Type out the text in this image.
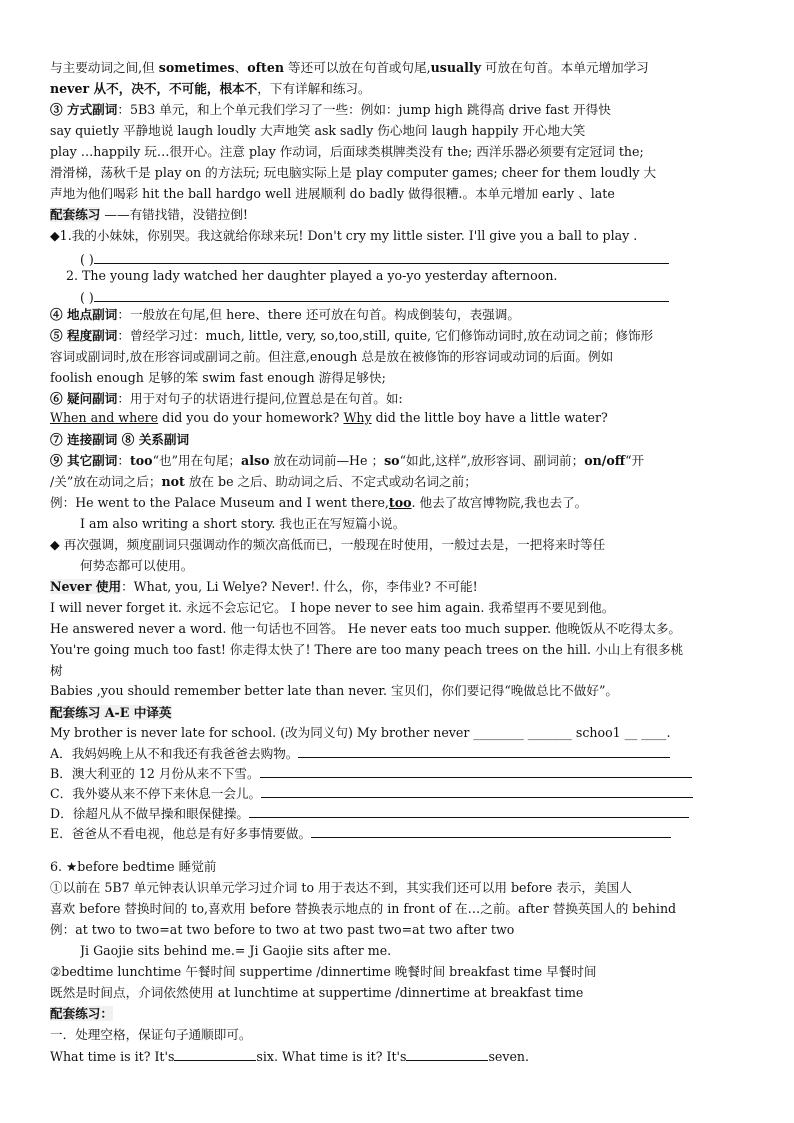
与主要动词之间,但 sometimes、often 等还可以放在句首或句尾,usually 可放在句首。本单元增加学习
never 从不，决不，不可能，根本不，下有详解和练习。
③ 方式副词：5B3 单元，和上个单元我们学习了一些：例如：jump high 跳得高 drive fast 开得快
say quietly 平静地说 laugh loudly 大声地笑 ask sadly 伤心地问 laugh happily 开心地大笑
play …happily 玩…很开心。注意 play 作动词，后面球类棋牌类没有 the; 西洋乐器必须要有定冠词 the;
滑滑梯，荡秋千是 play on 的方法玩; 玩电脑实际上是 play computer games; cheer for them loudly 大
声地为他们喝彩 hit the ball hardgo well 进展顺利 do badly 做得很糟.。本单元增加 early 、late
配套练习 ——有错找错，没错拉倒!
◆1.我的小妹妹，你别哭。我这就给你球来玩! Don't cry my little sister. I'll give you a ball to play .
( )
2. The young lady watched her daughter played a yo-yo yesterday afternoon.
( )
④ 地点副词：一般放在句尾,但 here、there 还可放在句首。构成倒装句，表强调。
⑤ 程度副词：曾经学习过：much, little, very, so,too,still, quite, 它们修饰动词时,放在动词之前；修饰形
容词或副词时,放在形容词或副词之前。但注意,enough 总是放在被修饰的形容词或动词的后面。例如
foolish enough 足够的笨 swim fast enough 游得足够快;
⑥ 疑问副词：用于对句子的状语进行提问,位置总是在句首。如:
When and where did you do your homework? Why did the little boy have a little water?
⑦ 连接副词 ⑧ 关系副词
⑨ 其它副词：too“也”用在句尾；also 放在动词前—He ；so“如此,这样”,放形容词、副词前；on/off“开
/关”放在动词之后；not 放在 be 之后、助动词之后、不定式或动名词之前；
例：He went to the Palace Museum and I went there,too. 他去了故宫博物院,我也去了。
I am also writing a short story. 我也正在写短篇小说。
◆ 再次强调，频度副词只强调动作的频次高低而已，一般现在时使用，一般过去是，一把将来时等任
何势态都可以使用。
Never 使用：What, you, Li Welye? Never!. 什么，你，李伟业? 不可能!
I will never forget it. 永远不会忘记它。 I hope never to see him again. 我希望再不要见到他。
He answered never a word. 他一句话也不回答。 He never eats too much supper. 他晚饭从不吃得太多。
You're going much too fast! 你走得太快了! There are too many peach trees on the hill. 小山上有很多桃
树
Babies ,you should remember better late than never. 宝贝们，你们要记得“晚做总比不做好”。
配套练习 A-E 中译英
My brother is never late for school. (改为同义句) My brother never ________ _______ schoo1 __ ____.
A．我妈妈晚上从不和我还有我爸爸去购物。
B．澳大利亚的 12 月份从来不下雪。
C．我外婆从来不停下来休息一会儿。
D．徐超凡从不做早操和眼保健操。
E．爸爸从不看电视，他总是有好多事情要做。
6. ★before bedtime 睡觉前
①以前在 5B7 单元钟表认识单元学习过介词 to 用于表达不到，其实我们还可以用 before 表示，美国人
喜欢 before 替换时间的 to,喜欢用 before 替换表示地点的 in front of 在…之前。after 替换英国人的 behind
例：at two to two=at two before to two at two past two=at two after two
Ji Gaojie sits behind me.= Ji Gaojie sits after me.
②bedtime lunchtime 午餐时间 suppertime /dinnertime 晚餐时间 breakfast time 早餐时间
既然是时间点，介词依然使用 at lunchtime at suppertime /dinnertime at breakfast time
配套练习：
一．处理空格，保证句子通顺即可。
What time is it? It's	six. What time is it? It's	seven.
